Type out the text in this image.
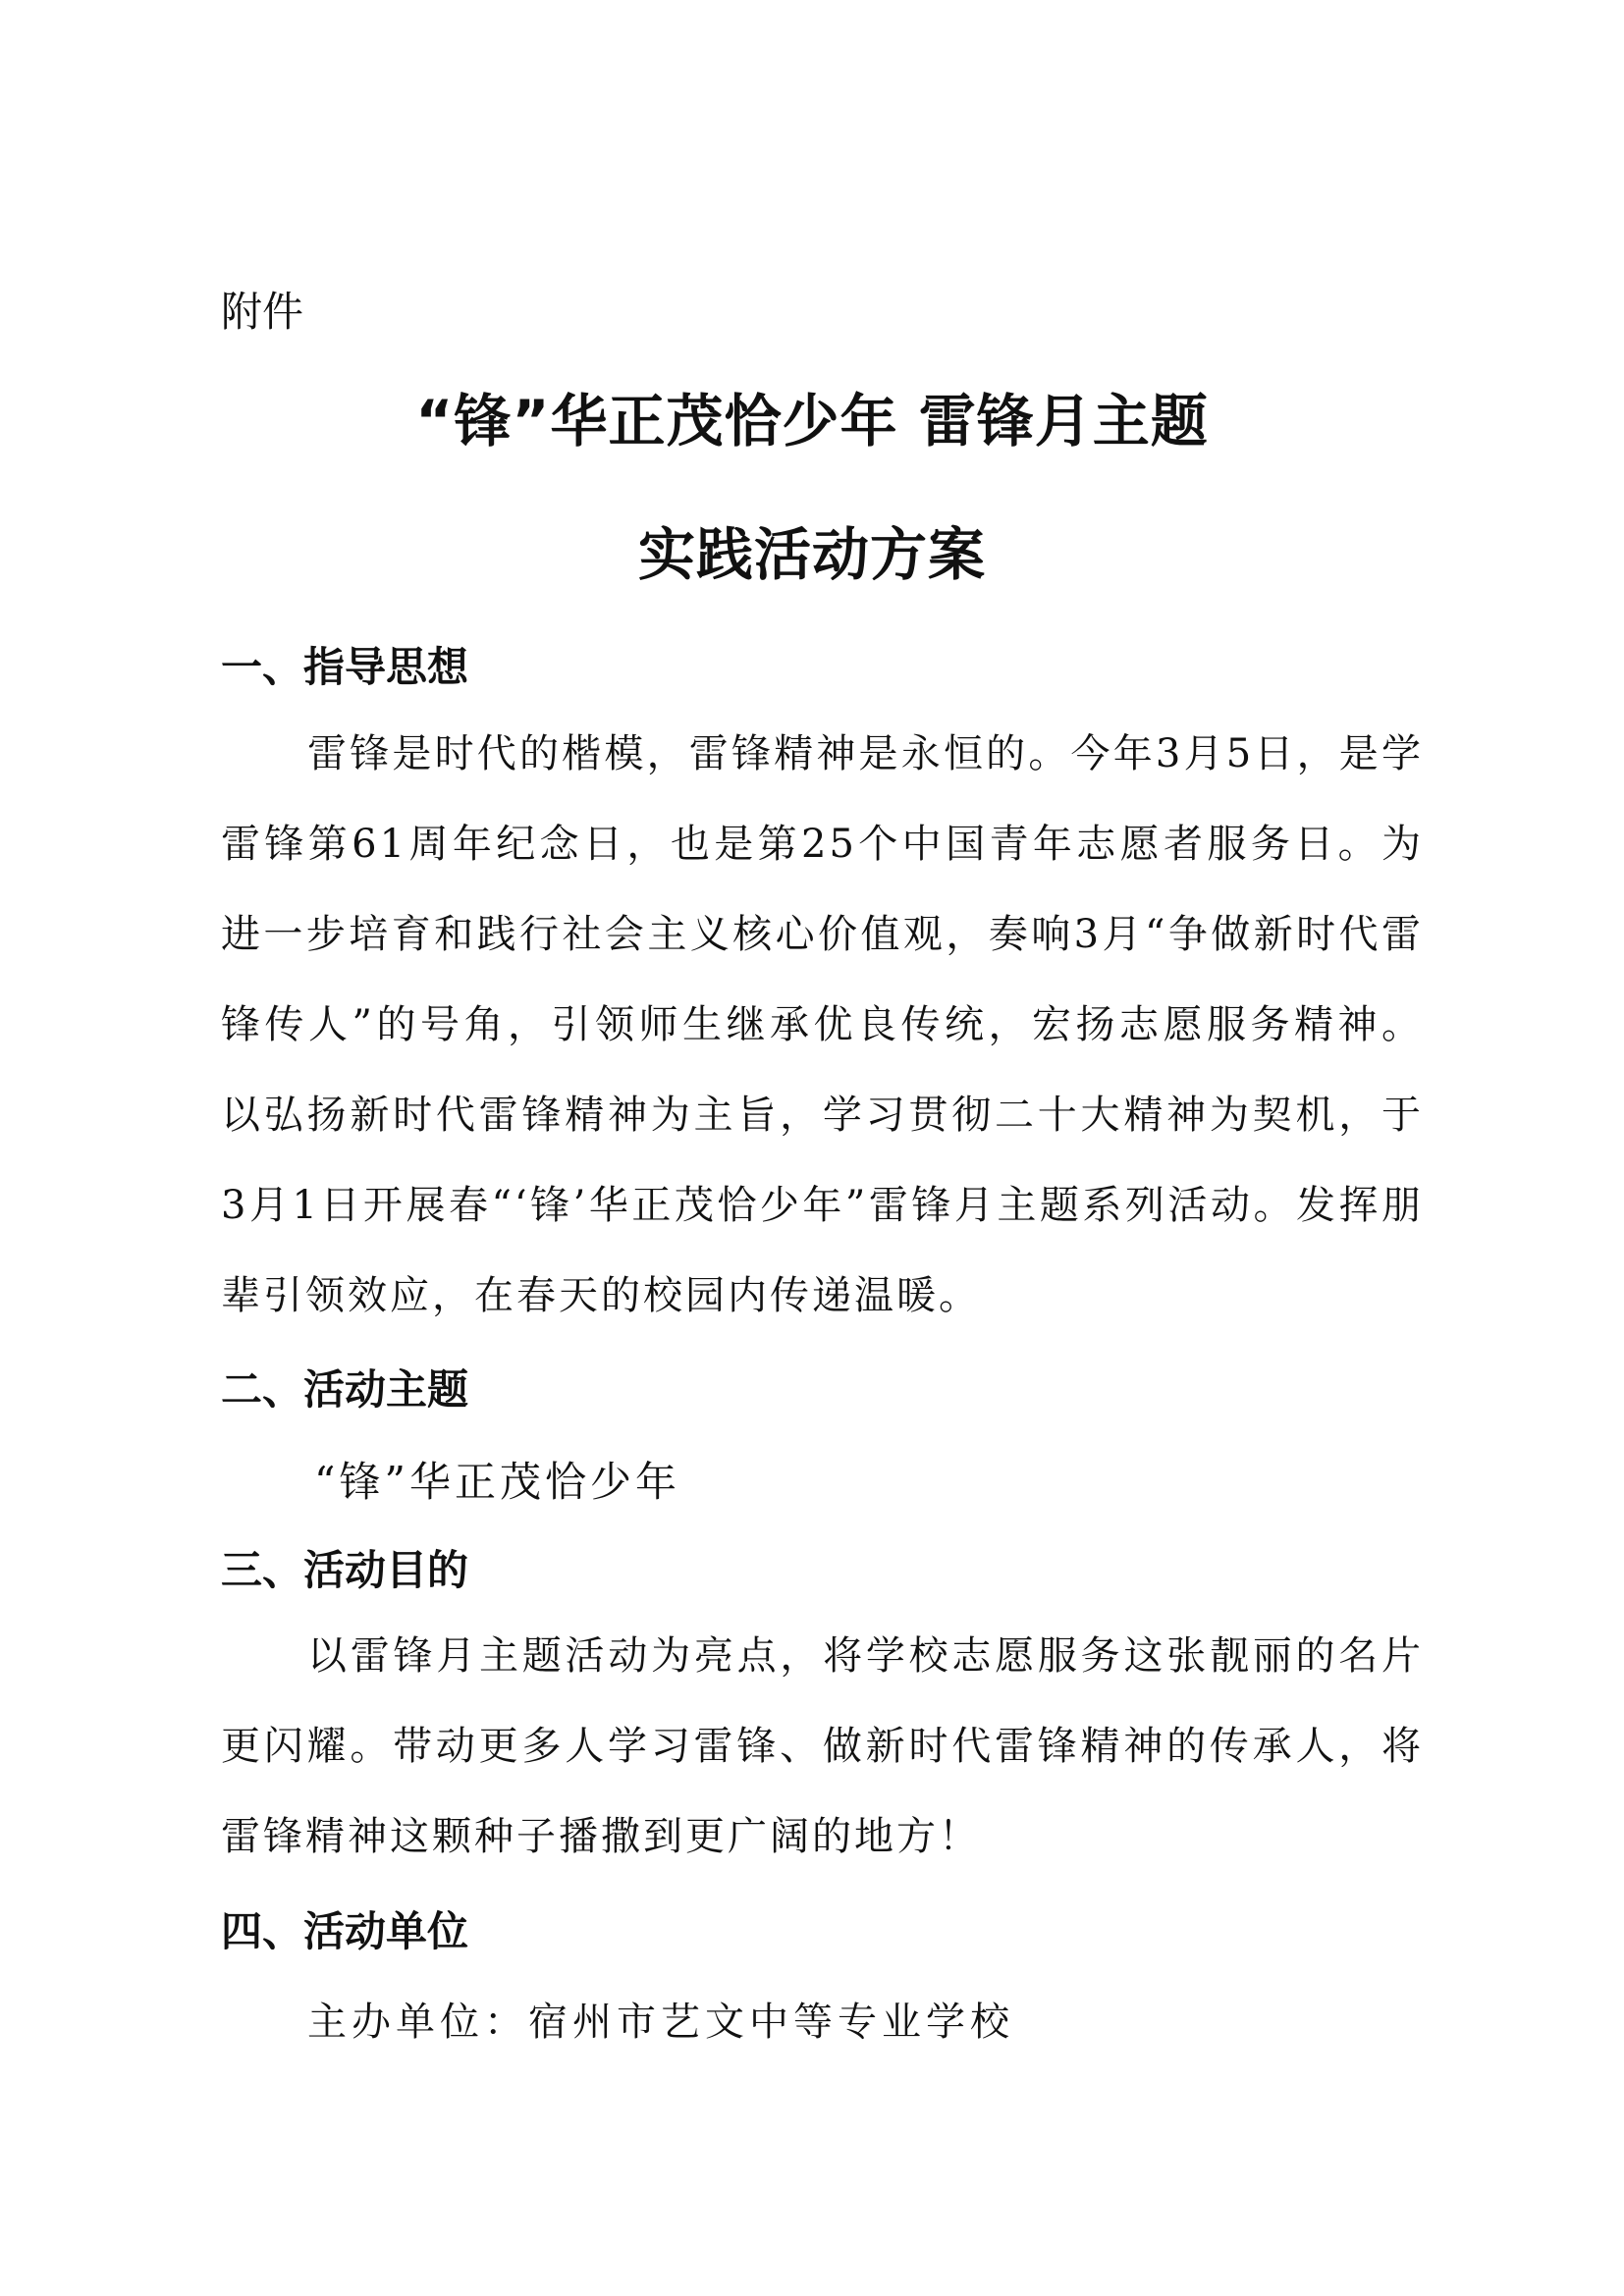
附件
“锋”华正茂恰少年 雷锋月主题
实践活动方案
一、指导思想

雷锋是时代的楷模，雷锋精神是永恒的。今年3月5日，是学雷锋第61周年纪念日，也是第25个中国青年志愿者服务日。为进一步培育和践行社会主义核心价值观，奏响3月“争做新时代雷锋传人”的号角，引领师生继承优良传统，宏扬志愿服务精神。以弘扬新时代雷锋精神为主旨，学习贯彻二十大精神为契机，于3月1日开展春“‘锋’华正茂恰少年”雷锋月主题系列活动。发挥朋辈引领效应，在春天的校园内传递温暖。

二、活动主题
“锋”华正茂恰少年
三、活动目的

以雷锋月主题活动为亮点，将学校志愿服务这张靓丽的名片更闪耀。带动更多人学习雷锋、做新时代雷锋精神的传承人，将雷锋精神这颗种子播撒到更广阔的地方！

四、活动单位
主办单位：宿州市艺文中等专业学校
